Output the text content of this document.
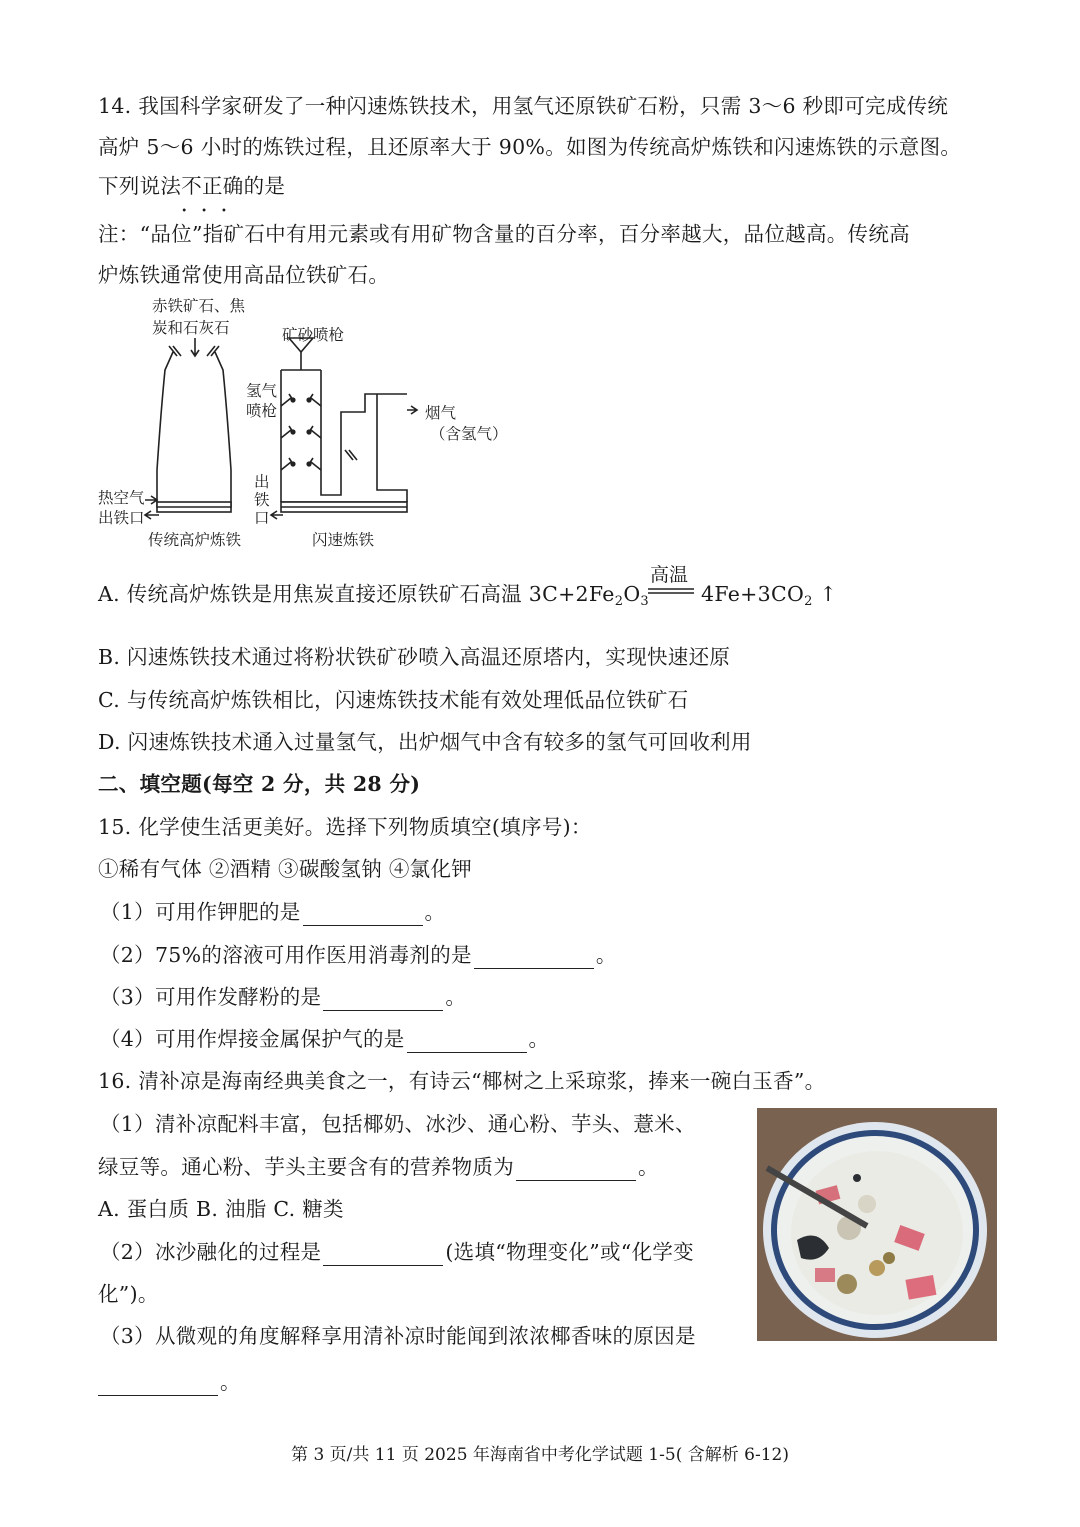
14. 我国科学家研发了一种闪速炼铁技术，用氢气还原铁矿石粉，只需 3～6 秒即可完成传统
高炉 5～6 小时的炼铁过程，且还原率大于 90%。如图为传统高炉炼铁和闪速炼铁的示意图。
下列说法不正确
•••
的是
注：“品位”指矿石中有用元素或有用矿物含量的百分率，百分率越大，品位越高。传统高
炉炼铁通常使用高品位铁矿石。
赤铁矿石、焦
炭和石灰石	矿砂喷枪
氢气
喷枪	烟气
（含氢气）
热空气
出铁口
出
铁
口
传统高炉炼铁	闪速炼铁
高温
A. 传统高炉炼铁是用焦炭直接还原铁矿石高温 $3C+2Fe_2O_3$	$4Fe+3CO_2$ ↑
B. 闪速炼铁技术通过将粉状铁矿砂喷入高温还原塔内，实现快速还原
C. 与传统高炉炼铁相比，闪速炼铁技术能有效处理低品位铁矿石
D. 闪速炼铁技术通入过量氢气，出炉烟气中含有较多的氢气可回收利用
二、填空题(每空 2 分，共 28 分)
15. 化学使生活更美好。选择下列物质填空(填序号)：
①稀有气体 ②酒精 ③碳酸氢钠 ④氯化钾
（1）可用作钾肥的是	。
（2）75%的溶液可用作医用消毒剂的是	。
（3）可用作发酵粉的是	。
（4）可用作焊接金属保护气的是	。
16. 清补凉是海南经典美食之一，有诗云“椰树之上采琼浆，捧来一碗白玉香”。
（1）清补凉配料丰富，包括椰奶、冰沙、通心粉、芋头、薏米、
绿豆等。通心粉、芋头主要含有的营养物质为	。
A. 蛋白质 B. 油脂 C. 糖类
（2）冰沙融化的过程是	(选填“物理变化”或“化学变
化”)。
（3）从微观的角度解释享用清补凉时能闻到浓浓椰香味的原因是
。
第 3 页/共 11 页 2025 年海南省中考化学试题 1-5( 含解析 6-12)
